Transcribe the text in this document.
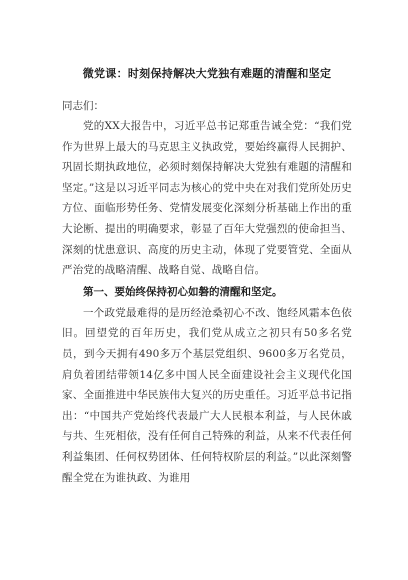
微党课：时刻保持解决大党独有难题的清醒和坚定

同志们：

党的XX大报告中，习近平总书记郑重告诫全党：“我们党作为世界上最大的马克思主义执政党，要始终赢得人民拥护、巩固长期执政地位，必须时刻保持解决大党独有难题的清醒和坚定。”这是以习近平同志为核心的党中央在对我们党所处历史方位、面临形势任务、党情发展变化深刻分析基础上作出的重大论断、提出的明确要求，彰显了百年大党强烈的使命担当、深刻的忧患意识、高度的历史主动，体现了党要管党、全面从严治党的战略清醒、战略自觉、战略自信。

第一、要始终保持初心如磐的清醒和坚定。

一个政党最难得的是历经沧桑初心不改、饱经风霜本色依旧。回望党的百年历史，我们党从成立之初只有50多名党员，到今天拥有490多万个基层党组织、9600多万名党员，肩负着团结带领14亿多中国人民全面建设社会主义现代化国家、全面推进中华民族伟大复兴的历史重任。习近平总书记指出：“中国共产党始终代表最广大人民根本利益，与人民休戚与共、生死相依，没有任何自己特殊的利益，从来不代表任何利益集团、任何权势团体、任何特权阶层的利益。”以此深刻警醒全党在为谁执政、为谁用
